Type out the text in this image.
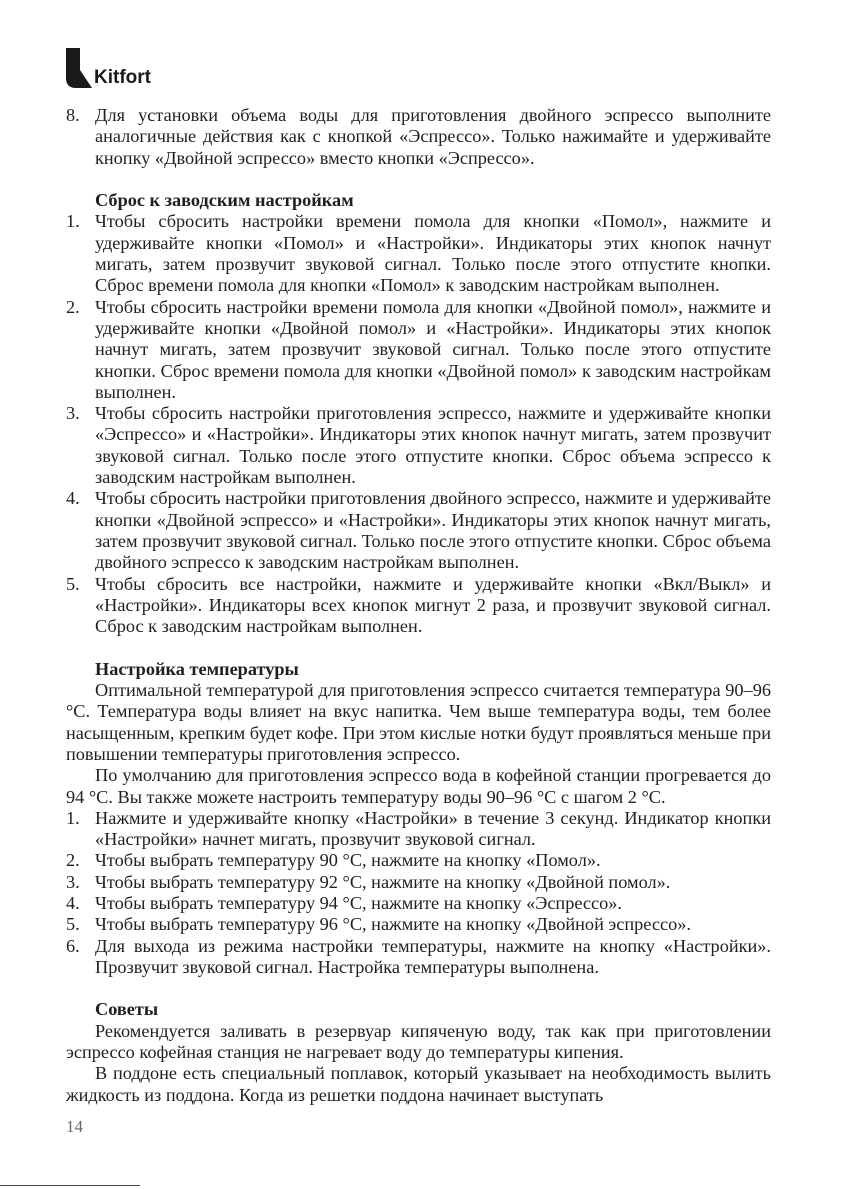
Kitfort
8. Для установки объема воды для приготовления двойного эспрессо выполните аналогичные действия как с кнопкой «Эспрессо». Только нажимайте и удерживайте кнопку «Двойной эспрессо» вместо кнопки «Эспрессо».

Сброс к заводским настройкам

1. Чтобы сбросить настройки времени помола для кнопки «Помол», нажмите и удерживайте кнопки «Помол» и «Настройки». Индикаторы этих кнопок начнут мигать, затем прозвучит звуковой сигнал. Только после этого отпустите кнопки. Сброс времени помола для кнопки «Помол» к заводским настройкам выполнен.

2. Чтобы сбросить настройки времени помола для кнопки «Двойной помол», нажмите и удерживайте кнопки «Двойной помол» и «Настройки». Индикаторы этих кнопок начнут мигать, затем прозвучит звуковой сигнал. Только после этого отпустите кнопки. Сброс времени помола для кнопки «Двойной помол» к заводским настройкам выполнен.

3. Чтобы сбросить настройки приготовления эспрессо, нажмите и удерживайте кнопки «Эспрессо» и «Настройки». Индикаторы этих кнопок начнут мигать, затем прозвучит звуковой сигнал. Только после этого отпустите кнопки. Сброс объема эспрессо к заводским настройкам выполнен.

4. Чтобы сбросить настройки приготовления двойного эспрессо, нажмите и удерживайте кнопки «Двойной эспрессо» и «Настройки». Индикаторы этих кнопок начнут мигать, затем прозвучит звуковой сигнал. Только после этого отпустите кнопки. Сброс объема двойного эспрессо к заводским настройкам выполнен.

5. Чтобы сбросить все настройки, нажмите и удерживайте кнопки «Вкл/Выкл» и «Настройки». Индикаторы всех кнопок мигнут 2 раза, и прозвучит звуковой сигнал. Сброс к заводским настройкам выполнен.

Настройка температуры

Оптимальной температурой для приготовления эспрессо считается температура 90–96 °С. Температура воды влияет на вкус напитка. Чем выше температура воды, тем более насыщенным, крепким будет кофе. При этом кислые нотки будут проявляться меньше при повышении температуры приготовления эспрессо.

По умолчанию для приготовления эспрессо вода в кофейной станции прогревается до 94 °С. Вы также можете настроить температуру воды 90–96 °С с шагом 2 °С.

1. Нажмите и удерживайте кнопку «Настройки» в течение 3 секунд. Индикатор кнопки «Настройки» начнет мигать, прозвучит звуковой сигнал.

2. Чтобы выбрать температуру 90 °С, нажмите на кнопку «Помол».

3. Чтобы выбрать температуру 92 °С, нажмите на кнопку «Двойной помол».

4. Чтобы выбрать температуру 94 °С, нажмите на кнопку «Эспрессо».

5. Чтобы выбрать температуру 96 °С, нажмите на кнопку «Двойной эспрессо».

6. Для выхода из режима настройки температуры, нажмите на кнопку «Настройки». Прозвучит звуковой сигнал. Настройка температуры выполнена.

Советы

Рекомендуется заливать в резервуар кипяченую воду, так как при приготовлении эспрессо кофейная станция не нагревает воду до температуры кипения.

В поддоне есть специальный поплавок, который указывает на необходимость вылить жидкость из поддона. Когда из решетки поддона начинает выступать

14
